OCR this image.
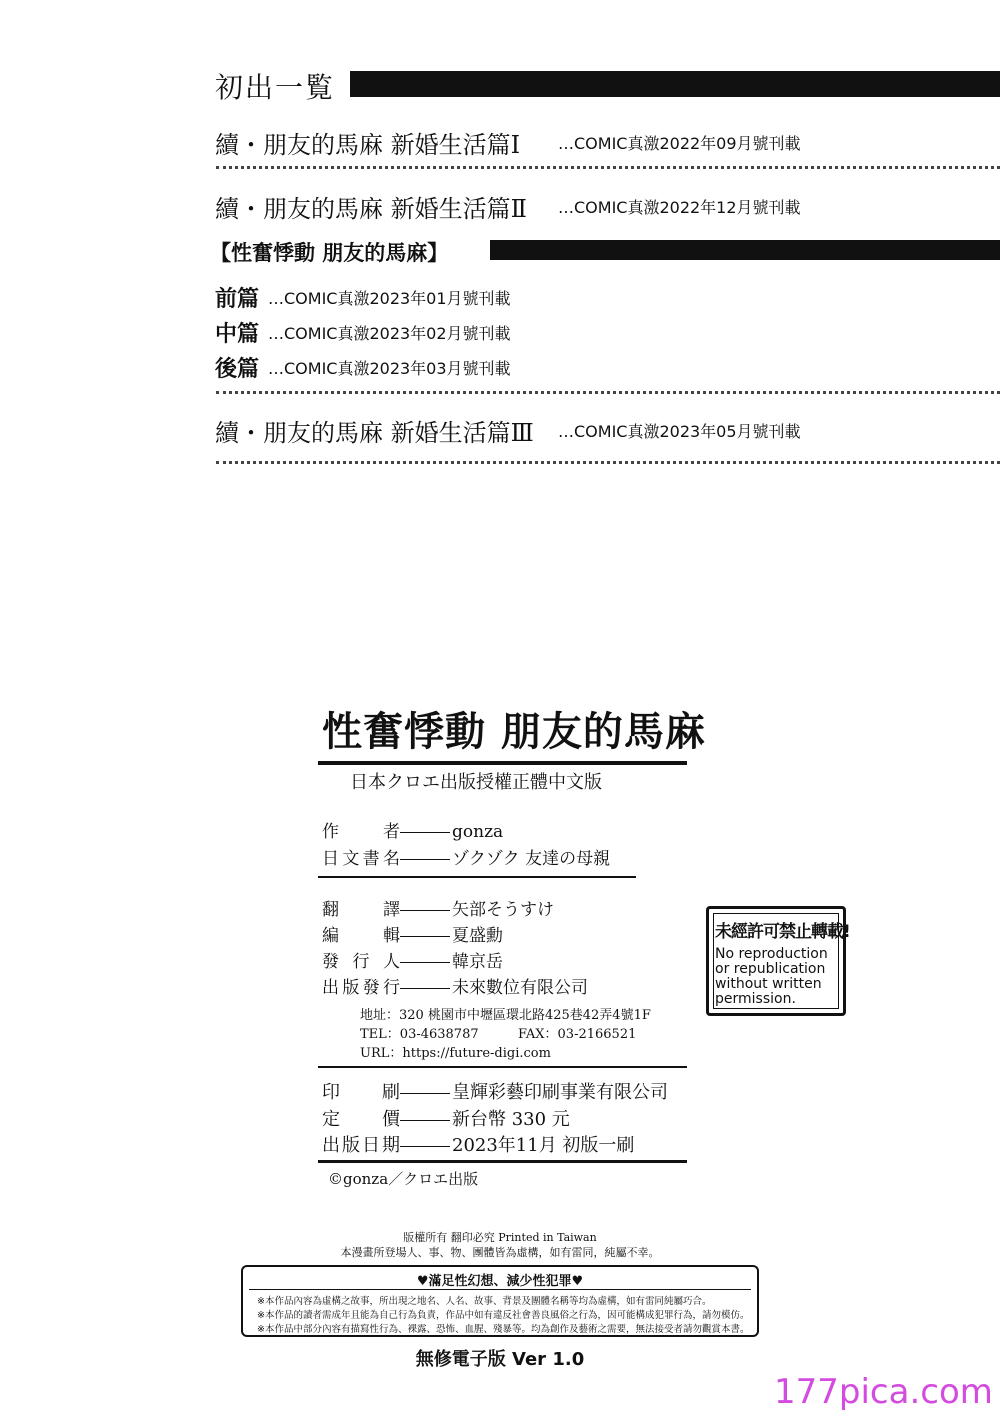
初出一覧
續・朋友的馬麻 新婚生活篇Ⅰ …COMIC真激2022年09月號刊載
續・朋友的馬麻 新婚生活篇Ⅱ …COMIC真激2022年12月號刊載
【性奮悸動 朋友的馬麻】
前篇 …COMIC真激2023年01月號刊載
中篇 …COMIC真激2023年02月號刊載
後篇 …COMIC真激2023年03月號刊載
續・朋友的馬麻 新婚生活篇Ⅲ …COMIC真激2023年05月號刊載
性奮悸動 朋友的馬麻
日本クロエ出版授權正體中文版
作者	gonza
日文書名	ゾクゾク 友達の母親
翻譯	矢部そうすけ
編輯	夏盛勳
發行人	韓京岳
出版發行	未來數位有限公司
地址：320 桃園市中壢區環北路425巷42弄4號1F
TEL：03-4638787	FAX：03-2166521
URL：https://future-digi.com
印刷	皇輝彩藝印刷事業有限公司
定價	新台幣 330 元
出版日期	2023年11月 初版一刷
©gonza／クロエ出版
未經許可禁止轉載!
No reproduction
or republication
without written
permission.
版權所有 翻印必究 Printed in Taiwan
本漫畫所登場人、事、物、團體皆為虛構，如有雷同，純屬不幸。
♥滿足性幻想、減少性犯罪♥
※本作品內容為虛構之故事，所出現之地名、人名、故事、背景及團體名稱等均為虛構，如有雷同純屬巧合。
※本作品的讀者需成年且能為自己行為負責，作品中如有違反社會善良風俗之行為，因可能構成犯罪行為，請勿模仿。
※本作品中部分內容有描寫性行為、裸露、恐怖、血腥、殘暴等。均為創作及藝術之需要，無法接受者請勿觀賞本書。
無修電子版 Ver 1.0
177pica.com
